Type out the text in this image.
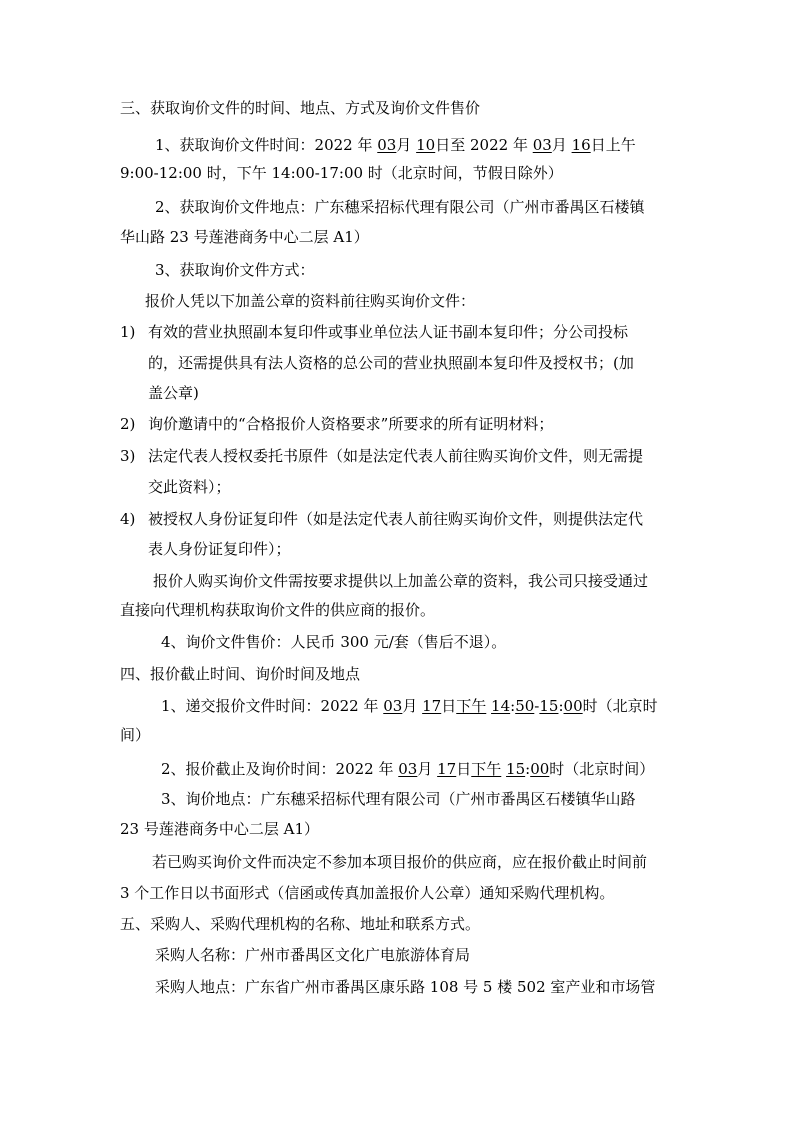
三、获取询价文件的时间、地点、方式及询价文件售价
1、获取询价文件时间：2022 年 03月 10日至 2022 年 03月 16日上午
9:00-12:00 时，下午 14:00-17:00 时（北京时间，节假日除外）
2、获取询价文件地点：广东穗采招标代理有限公司（广州市番禺区石楼镇
华山路 23 号莲港商务中心二层 A1）
3、获取询价文件方式：
报价人凭以下加盖公章的资料前往购买询价文件：
1) 有效的营业执照副本复印件或事业单位法人证书副本复印件；分公司投标
的，还需提供具有法人资格的总公司的营业执照副本复印件及授权书；(加
盖公章)
2) 询价邀请中的“合格报价人资格要求”所要求的所有证明材料；
3) 法定代表人授权委托书原件（如是法定代表人前往购买询价文件，则无需提
交此资料）；
4) 被授权人身份证复印件（如是法定代表人前往购买询价文件，则提供法定代
表人身份证复印件）；
报价人购买询价文件需按要求提供以上加盖公章的资料，我公司只接受通过
直接向代理机构获取询价文件的供应商的报价。
4、询价文件售价：人民币 300 元/套（售后不退）。
四、报价截止时间、询价时间及地点
1、递交报价文件时间：2022 年 03月 17日下午 14:50-15:00时（北京时
间）
2、报价截止及询价时间：2022 年 03月 17日下午 15:00时（北京时间）
3、询价地点：广东穗采招标代理有限公司（广州市番禺区石楼镇华山路
23 号莲港商务中心二层 A1）
若已购买询价文件而决定不参加本项目报价的供应商，应在报价截止时间前
3 个工作日以书面形式（信函或传真加盖报价人公章）通知采购代理机构。
五、采购人、采购代理机构的名称、地址和联系方式。
采购人名称：广州市番禺区文化广电旅游体育局
采购人地点：广东省广州市番禺区康乐路 108 号 5 楼 502 室产业和市场管
